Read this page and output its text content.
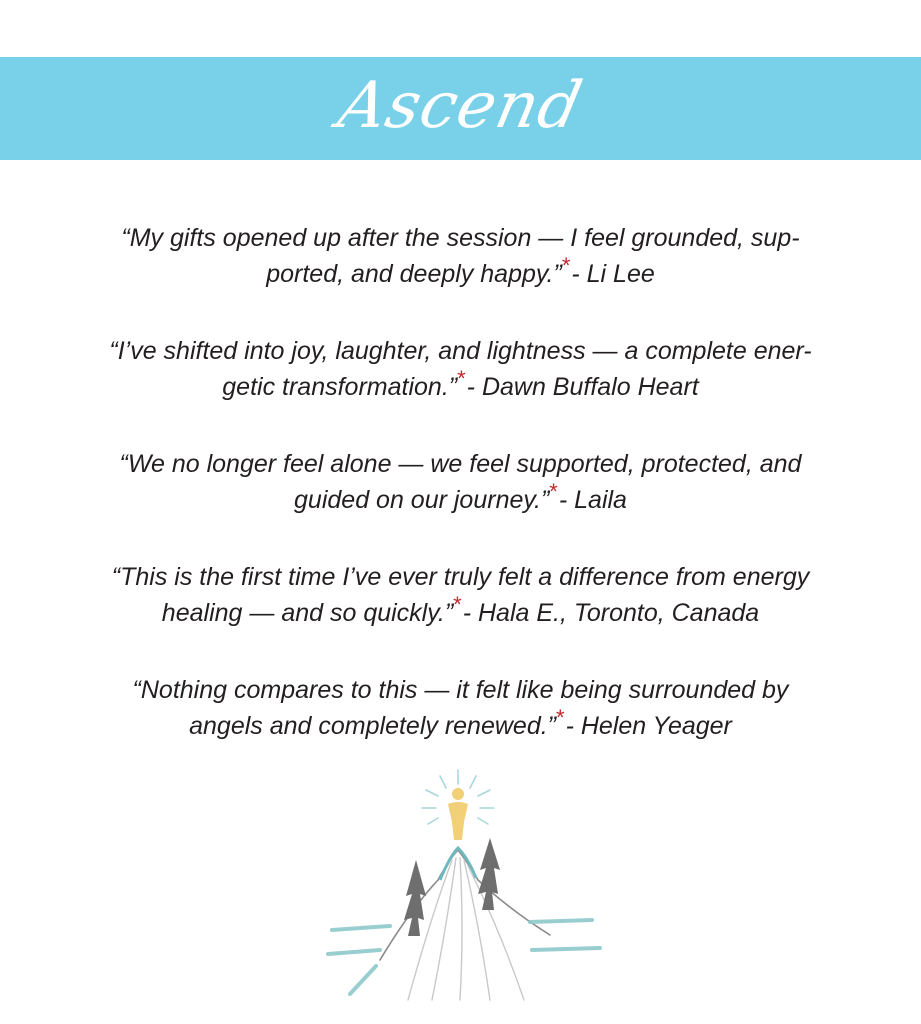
Ascend
“My gifts opened up after the session — I feel grounded, sup-
ported, and deeply happy.”*- Li Lee
“I’ve shifted into joy, laughter, and lightness — a complete ener-
getic transformation.”*- Dawn Buffalo Heart
“We no longer feel alone — we feel supported, protected, and
guided on our journey.”*- Laila
“This is the first time I’ve ever truly felt a difference from energy
healing — and so quickly.”*- Hala E., Toronto, Canada
“Nothing compares to this — it felt like being surrounded by
angels and completely renewed.”*- Helen Yeager
